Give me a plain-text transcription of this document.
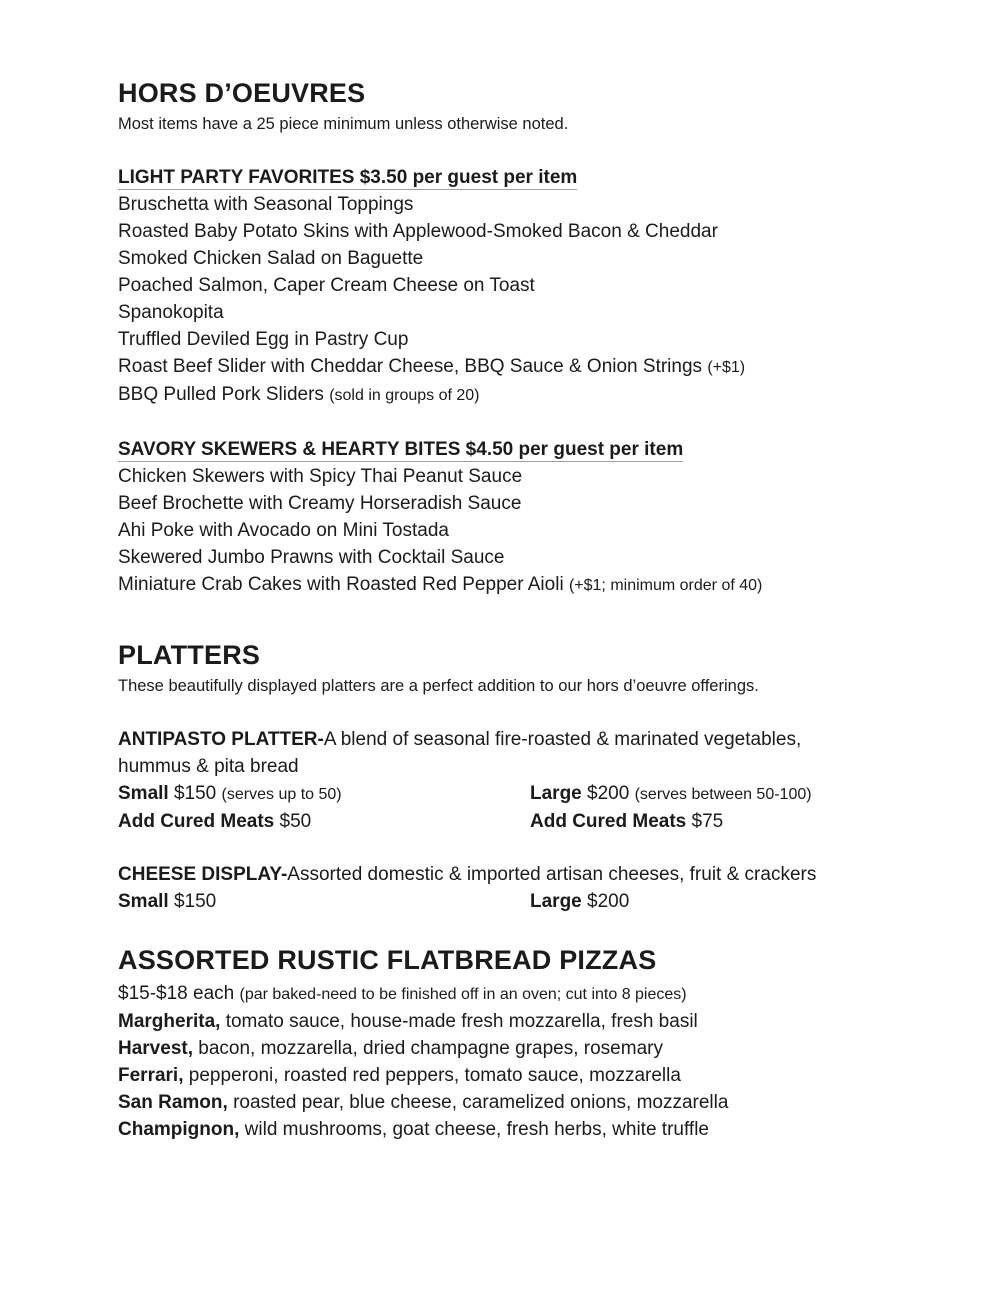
HORS D’OEUVRES

Most items have a 25 piece minimum unless otherwise noted.

LIGHT PARTY FAVORITES $3.50 per guest per item

Bruschetta with Seasonal Toppings

Roasted Baby Potato Skins with Applewood-Smoked Bacon & Cheddar

Smoked Chicken Salad on Baguette

Poached Salmon, Caper Cream Cheese on Toast

Spanokopita

Truffled Deviled Egg in Pastry Cup

Roast Beef Slider with Cheddar Cheese, BBQ Sauce & Onion Strings (+$1)

BBQ Pulled Pork Sliders (sold in groups of 20)

SAVORY SKEWERS & HEARTY BITES $4.50 per guest per item

Chicken Skewers with Spicy Thai Peanut Sauce

Beef Brochette with Creamy Horseradish Sauce

Ahi Poke with Avocado on Mini Tostada

Skewered Jumbo Prawns with Cocktail Sauce

Miniature Crab Cakes with Roasted Red Pepper Aioli (+$1; minimum order of 40)

PLATTERS

These beautifully displayed platters are a perfect addition to our hors d’oeuvre offerings.

ANTIPASTO PLATTER-A blend of seasonal fire-roasted & marinated vegetables, hummus & pita bread

Small $150 (serves up to 50)	Large $200 (serves between 50-100)
Add Cured Meats $50	Add Cured Meats $75

CHEESE DISPLAY-Assorted domestic & imported artisan cheeses, fruit & crackers

Small $150	Large $200
ASSORTED RUSTIC FLATBREAD PIZZAS

$15-$18 each (par baked-need to be finished off in an oven; cut into 8 pieces)

Margherita, tomato sauce, house-made fresh mozzarella, fresh basil

Harvest, bacon, mozzarella, dried champagne grapes, rosemary

Ferrari, pepperoni, roasted red peppers, tomato sauce, mozzarella

San Ramon, roasted pear, blue cheese, caramelized onions, mozzarella

Champignon, wild mushrooms, goat cheese, fresh herbs, white truffle
